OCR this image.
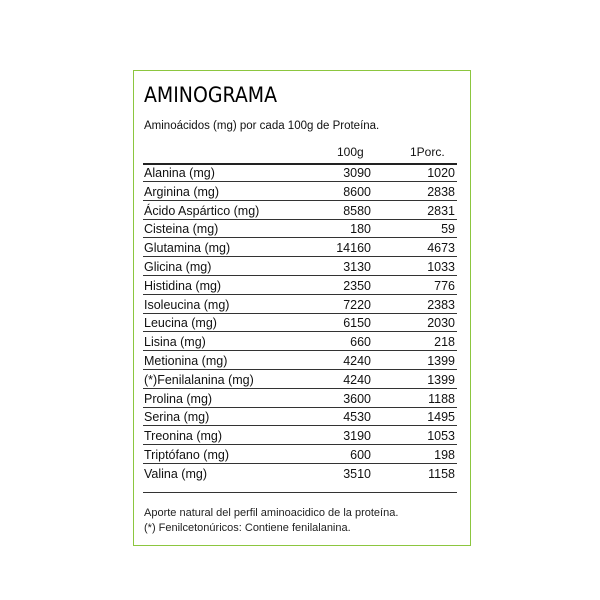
AMINOGRAMA
Aminoácidos (mg) por cada 100g de Proteína.
100g	1Porc.
Alanina (mg)	3090	1020
Arginina (mg)	8600	2838
Ácido Aspártico (mg)	8580	2831
Cisteina (mg)	180	59
Glutamina (mg)	14160	4673
Glicina (mg)	3130	1033
Histidina (mg)	2350	776
Isoleucina (mg)	7220	2383
Leucina (mg)	6150	2030
Lisina (mg)	660	218
Metionina (mg)	4240	1399
(*)Fenilalanina (mg)	4240	1399
Prolina (mg)	3600	1188
Serina (mg)	4530	1495
Treonina (mg)	3190	1053
Triptófano (mg)	600	198
Valina (mg)	3510	1158
Aporte natural del perfil aminoacidico de la proteína.
(*) Fenilcetonúricos: Contiene fenilalanina.
